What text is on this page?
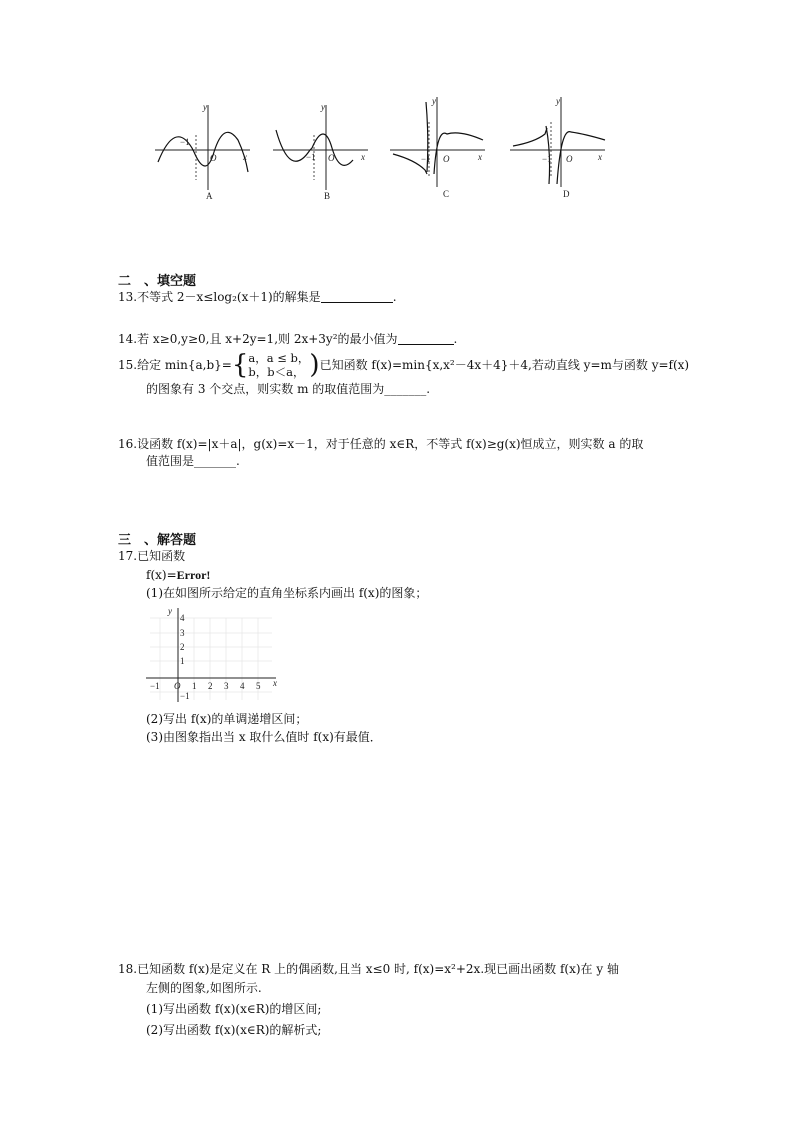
y
x
−1
O
A
y
x
−1 O
B
y
x
−1 O
C
y
x
−1 O
D
二　、填空题
13.不等式 2－x≤log₂(x＋1)的解集是	.
14.若 x≥0,y≥0,且 x+2y=1,则 2x+3y²的最小值为	.
15.给定 min{a,b}={a，a ≤ b，
b，b＜a， )已知函数 f(x)=min{x,x²－4x＋4}＋4,若动直线 y=m与函数 y=f(x)
的图象有 3 个交点，则实数 m 的取值范围为_______.
16.设函数 f(x)=|x＋a|，g(x)=x－1，对于任意的 x∈R，不等式 f(x)≥g(x)恒成立，则实数 a 的取
值范围是_______.
三　、解答题
17.已知函数
f(x)=Error!
(1)在如图所示给定的直角坐标系内画出 f(x)的图象；
y
x
4
3
2
1
−1
O
−1	1 2 3 4 5
(2)写出 f(x)的单调递增区间；
(3)由图象指出当 x 取什么值时 f(x)有最值．
18.已知函数 f(x)是定义在 R 上的偶函数,且当 x≤0 时, f(x)=x²+2x.现已画出函数 f(x)在 y 轴
左侧的图象,如图所示.
(1)写出函数 f(x)(x∈R)的增区间;
(2)写出函数 f(x)(x∈R)的解析式;
